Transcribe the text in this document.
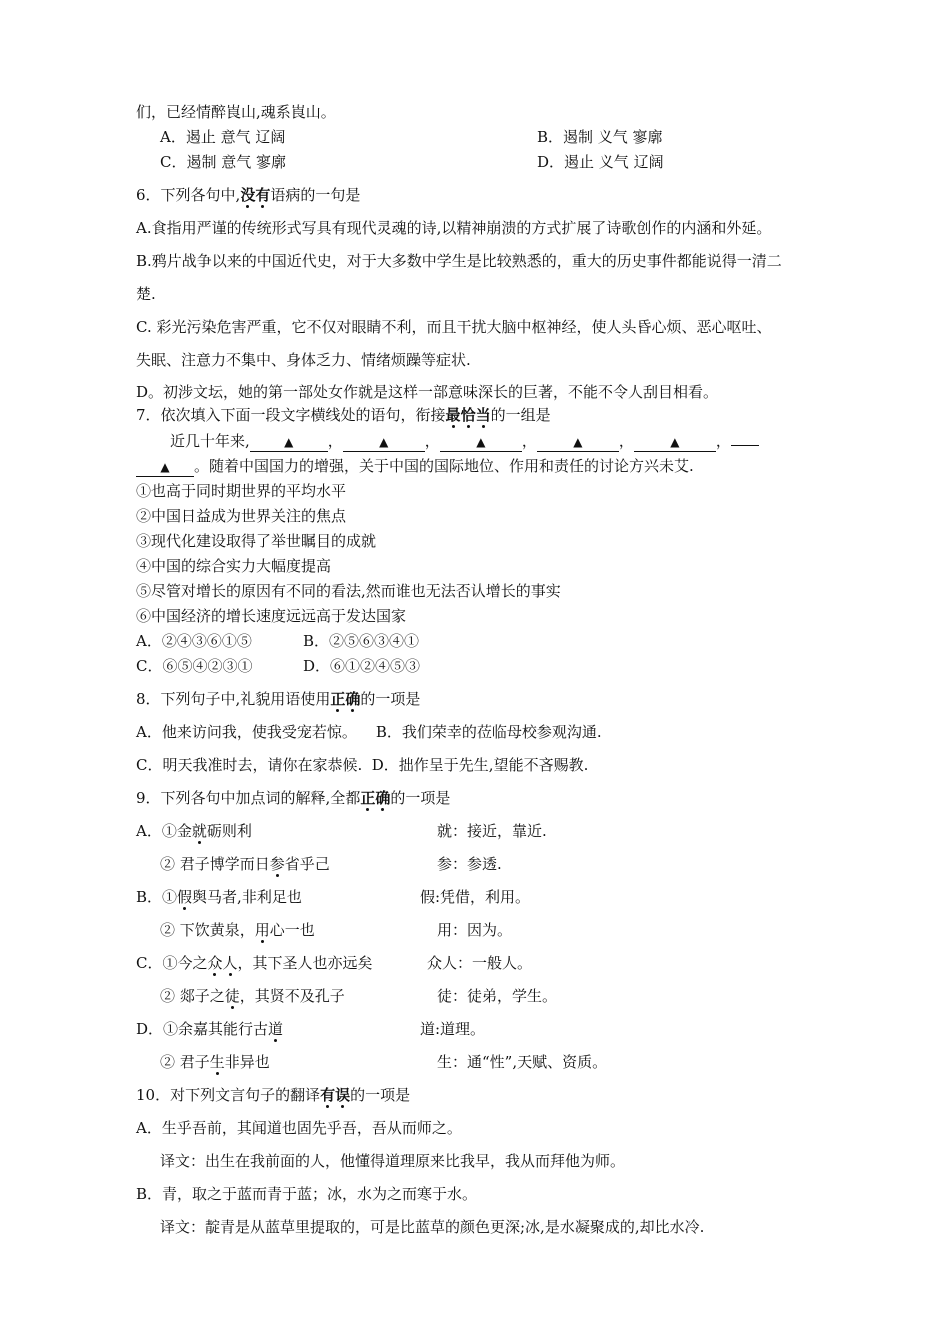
们，已经情醉崀山,魂系崀山。
A．遏止 意气 辽阔	B．遏制 义气 寥廓
C．遏制 意气 寥廓	D．遏止 义气 辽阔
6．下列各句中,没有语病的一句是
A.食指用严谨的传统形式写具有现代灵魂的诗,以精神崩溃的方式扩展了诗歌创作的内涵和外延。
B.鸦片战争以来的中国近代史，对于大多数中学生是比较熟悉的，重大的历史事件都能说得一清二
楚.
C. 彩光污染危害严重，它不仅对眼睛不利，而且干扰大脑中枢神经，使人头昏心烦、恶心呕吐、
失眠、注意力不集中、身体乏力、情绪烦躁等症状.
D。初涉文坛，她的第一部处女作就是这样一部意味深长的巨著，不能不令人刮目相看。
7．依次填入下面一段文字横线处的语句，衔接最恰当的一组是
近几十年来,	▲ ，	▲ ，	▲ ，	▲ ，	▲ ，
▲ 。随着中国国力的增强，关于中国的国际地位、作用和责任的讨论方兴未艾.
①也高于同时期世界的平均水平
②中国日益成为世界关注的焦点
③现代化建设取得了举世瞩目的成就
④中国的综合实力大幅度提高
⑤尽管对增长的原因有不同的看法,然而谁也无法否认增长的事实
⑥中国经济的增长速度远远高于发达国家
A．②④③⑥①⑤	B．②⑤⑥③④①
C．⑥⑤④②③①	D．⑥①②④⑤③
8．下列句子中,礼貌用语使用正确的一项是
A．他来访问我，使我受宠若惊。    B．我们荣幸的莅临母校参观沟通.
C．明天我准时去，请你在家恭候.  D．拙作呈于先生,望能不吝赐教.
9．下列各句中加点词的解释,全都正确的一项是
A．①金就砺则利	就：接近，靠近.
② 君子博学而日参省乎己	参：参透.
B．①假舆马者,非利足也	假:凭借，利用。
② 下饮黄泉，用心一也	用：因为。
C．①今之众人，其下圣人也亦远矣	众人：一般人。
② 郯子之徒，其贤不及孔子	徒：徒弟，学生。
D．①余嘉其能行古道	道:道理。
② 君子生非异也	生：通“性”,天赋、资质。
10．对下列文言句子的翻译有误的一项是
A．生乎吾前，其闻道也固先乎吾，吾从而师之。
译文：出生在我前面的人，他懂得道理原来比我早，我从而拜他为师。
B．青，取之于蓝而青于蓝；冰，水为之而寒于水。
译文：靛青是从蓝草里提取的，可是比蓝草的颜色更深;冰,是水凝聚成的,却比水冷.
